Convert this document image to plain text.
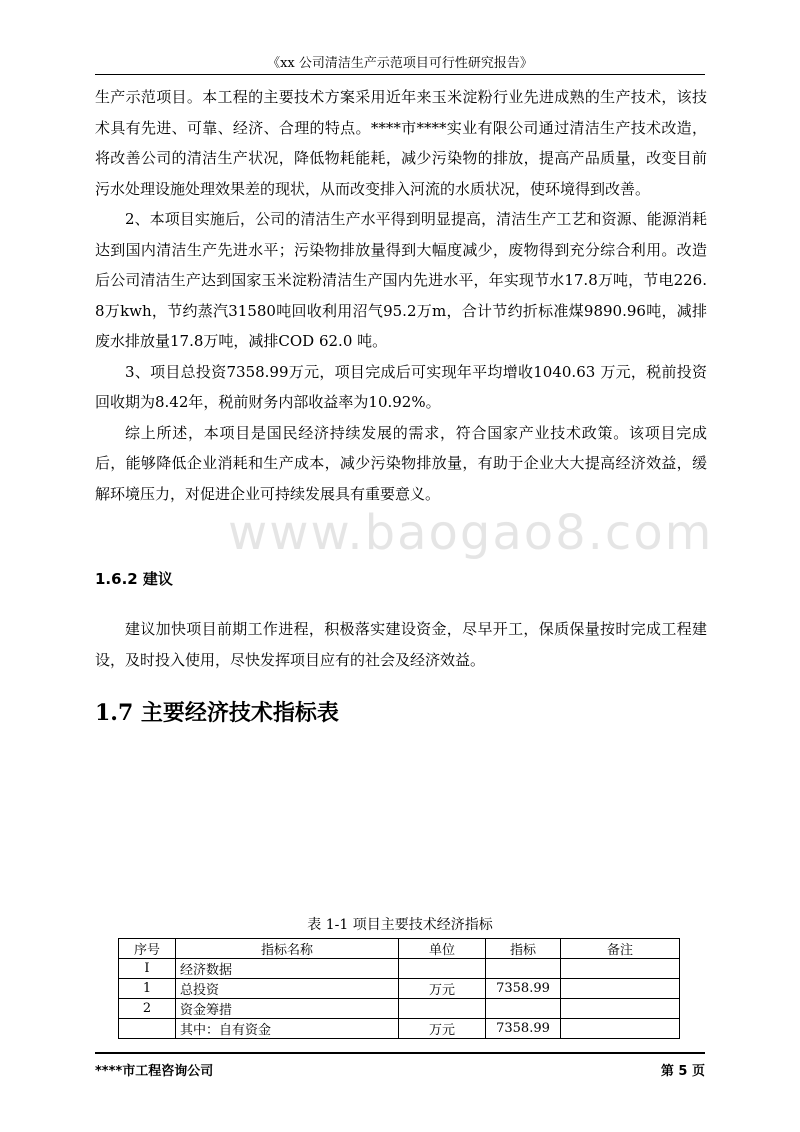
《xx 公司清洁生产示范项目可行性研究报告》
www.baogao8.com

生产示范项目。本工程的主要技术方案采用近年来玉米淀粉行业先进成熟的生产技术，该技术具有先进、可靠、经济、合理的特点。****市****实业有限公司通过清洁生产技术改造，将改善公司的清洁生产状况，降低物耗能耗，减少污染物的排放，提高产品质量，改变目前污水处理设施处理效果差的现状，从而改变排入河流的水质状况，使环境得到改善。

2、本项目实施后，公司的清洁生产水平得到明显提高，清洁生产工艺和资源、能源消耗达到国内清洁生产先进水平；污染物排放量得到大幅度减少，废物得到充分综合利用。改造后公司清洁生产达到国家玉米淀粉清洁生产国内先进水平，年实现节水17.8万吨，节电226.8万kwh，节约蒸汽31580吨回收利用沼气95.2万m，合计节约折标准煤9890.96吨，减排废水排放量17.8万吨，减排COD 62.0 吨。

3、项目总投资7358.99万元，项目完成后可实现年平均增收1040.63 万元，税前投资回收期为8.42年，税前财务内部收益率为10.92%。

综上所述，本项目是国民经济持续发展的需求，符合国家产业技术政策。该项目完成后，能够降低企业消耗和生产成本，减少污染物排放量，有助于企业大大提高经济效益，缓解环境压力，对促进企业可持续发展具有重要意义。

1.6.2 建议

建议加快项目前期工作进程，积极落实建设资金，尽早开工，保质保量按时完成工程建设，及时投入使用，尽快发挥项目应有的社会及经济效益。

1.7 主要经济技术指标表
表 1-1 项目主要技术经济指标
序号	指标名称	单位	指标	备注
Ⅰ	经济数据			
1	总投资	万元	7358.99	
2	资金筹措			
	其中：自有资金	万元	7358.99	
****市工程咨询公司	第 5 页
